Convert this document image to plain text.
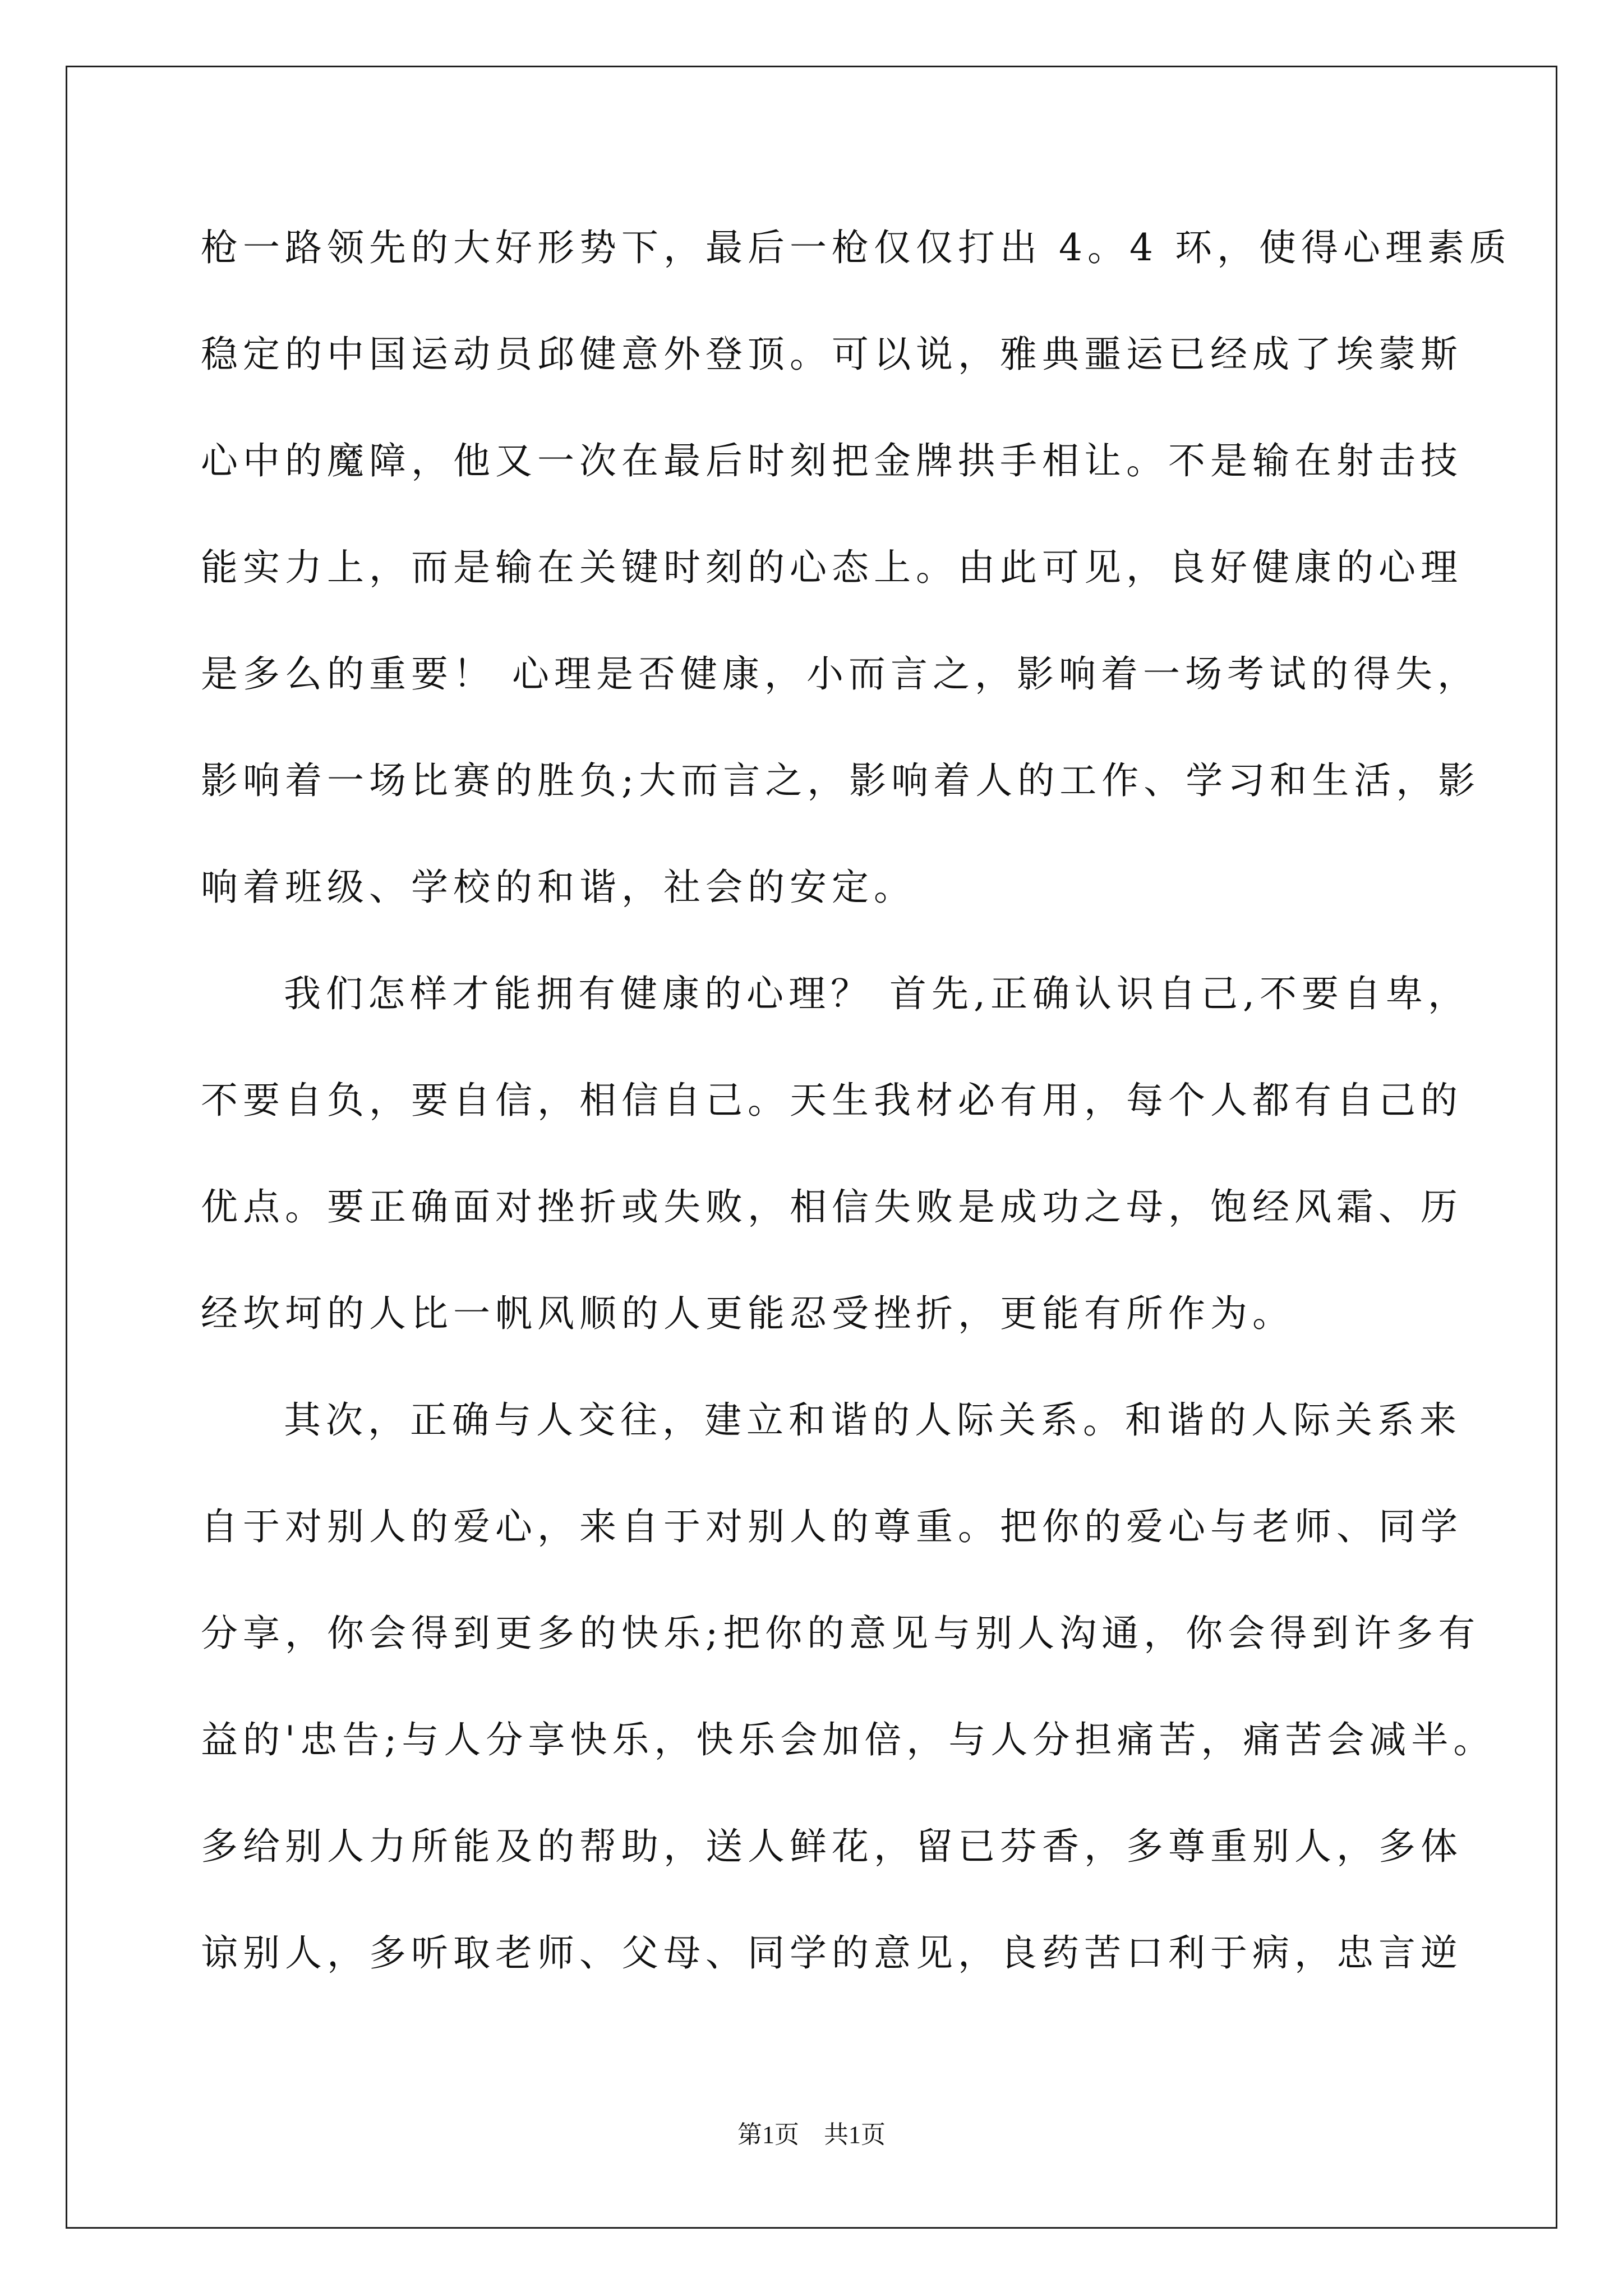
枪一路领先的大好形势下，最后一枪仅仅打出 4。4 环，使得心理素质
稳定的中国运动员邱健意外登顶。可以说，雅典噩运已经成了埃蒙斯
心中的魔障，他又一次在最后时刻把金牌拱手相让。不是输在射击技
能实力上，而是输在关键时刻的心态上。由此可见，良好健康的心理
是多么的重要！ 心理是否健康，小而言之，影响着一场考试的得失，
影响着一场比赛的胜负;大而言之，影响着人的工作、学习和生活，影
响着班级、学校的和谐，社会的安定。
我们怎样才能拥有健康的心理？ 首先,正确认识自己,不要自卑，
不要自负，要自信，相信自己。天生我材必有用，每个人都有自己的
优点。要正确面对挫折或失败，相信失败是成功之母，饱经风霜、历
经坎坷的人比一帆风顺的人更能忍受挫折，更能有所作为。
其次，正确与人交往，建立和谐的人际关系。和谐的人际关系来
自于对别人的爱心，来自于对别人的尊重。把你的爱心与老师、同学
分享，你会得到更多的快乐;把你的意见与别人沟通，你会得到许多有
益的'忠告;与人分享快乐，快乐会加倍，与人分担痛苦，痛苦会减半。
多给别人力所能及的帮助，送人鲜花，留已芬香，多尊重别人，多体
谅别人，多听取老师、父母、同学的意见，良药苦口利于病，忠言逆
第1页　共1页
